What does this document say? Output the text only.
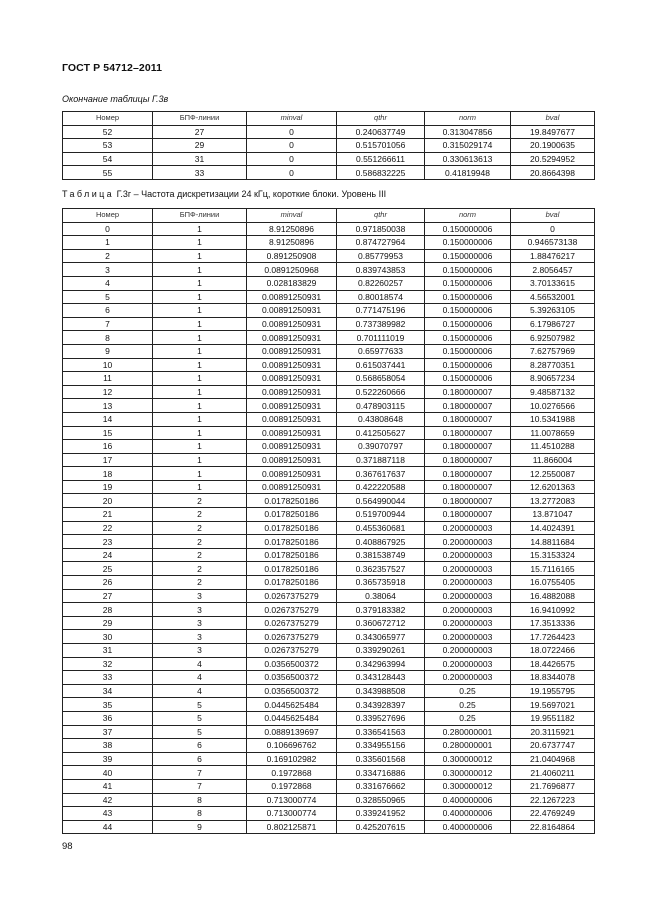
ГОСТ Р 54712–2011
Окончание таблицы Г.3в
Номер	БПФ-линии	minval	qthr	norm	bval
52	27	0	0.240637749	0.313047856	19.8497677
53	29	0	0.515701056	0.315029174	20.1900635
54	31	0	0.551266611	0.330613613	20.5294952
55	33	0	0.586832225	0.41819948	20.8664398
Таблица Г.3г – Частота дискретизации 24 кГц, короткие блоки. Уровень III
Номер	БПФ-линии	minval	qthr	norm	bval
0	1	8.91250896	0.971850038	0.150000006	0
1	1	8.91250896	0.874727964	0.150000006	0.946573138
2	1	0.891250908	0.85779953	0.150000006	1.88476217
3	1	0.0891250968	0.839743853	0.150000006	2.8056457
4	1	0.028183829	0.82260257	0.150000006	3.70133615
5	1	0.00891250931	0.80018574	0.150000006	4.56532001
6	1	0.00891250931	0.771475196	0.150000006	5.39263105
7	1	0.00891250931	0.737389982	0.150000006	6.17986727
8	1	0.00891250931	0.701111019	0.150000006	6.92507982
9	1	0.00891250931	0.65977633	0.150000006	7.62757969
10	1	0.00891250931	0.615037441	0.150000006	8.28770351
11	1	0.00891250931	0.568658054	0.150000006	8.90657234
12	1	0.00891250931	0.522260666	0.180000007	9.48587132
13	1	0.00891250931	0.478903115	0.180000007	10.0276566
14	1	0.00891250931	0.43808648	0.180000007	10.5341988
15	1	0.00891250931	0.412505627	0.180000007	11.0078659
16	1	0.00891250931	0.39070797	0.180000007	11.4510288
17	1	0.00891250931	0.371887118	0.180000007	11.866004
18	1	0.00891250931	0.367617637	0.180000007	12.2550087
19	1	0.00891250931	0.422220588	0.180000007	12.6201363
20	2	0.0178250186	0.564990044	0.180000007	13.2772083
21	2	0.0178250186	0.519700944	0.180000007	13.871047
22	2	0.0178250186	0.455360681	0.200000003	14.4024391
23	2	0.0178250186	0.408867925	0.200000003	14.8811684
24	2	0.0178250186	0.381538749	0.200000003	15.3153324
25	2	0.0178250186	0.362357527	0.200000003	15.7116165
26	2	0.0178250186	0.365735918	0.200000003	16.0755405
27	3	0.0267375279	0.38064	0.200000003	16.4882088
28	3	0.0267375279	0.379183382	0.200000003	16.9410992
29	3	0.0267375279	0.360672712	0.200000003	17.3513336
30	3	0.0267375279	0.343065977	0.200000003	17.7264423
31	3	0.0267375279	0.339290261	0.200000003	18.0722466
32	4	0.0356500372	0.342963994	0.200000003	18.4426575
33	4	0.0356500372	0.343128443	0.200000003	18.8344078
34	4	0.0356500372	0.343988508	0.25	19.1955795
35	5	0.0445625484	0.343928397	0.25	19.5697021
36	5	0.0445625484	0.339527696	0.25	19.9551182
37	5	0.0889139697	0.336541563	0.280000001	20.3115921
38	6	0.106696762	0.334955156	0.280000001	20.6737747
39	6	0.169102982	0.335601568	0.300000012	21.0404968
40	7	0.1972868	0.334716886	0.300000012	21.4060211
41	7	0.1972868	0.331676662	0.300000012	21.7696877
42	8	0.713000774	0.328550965	0.400000006	22.1267223
43	8	0.713000774	0.339241952	0.400000006	22.4769249
44	9	0.802125871	0.425207615	0.400000006	22.8164864
98
